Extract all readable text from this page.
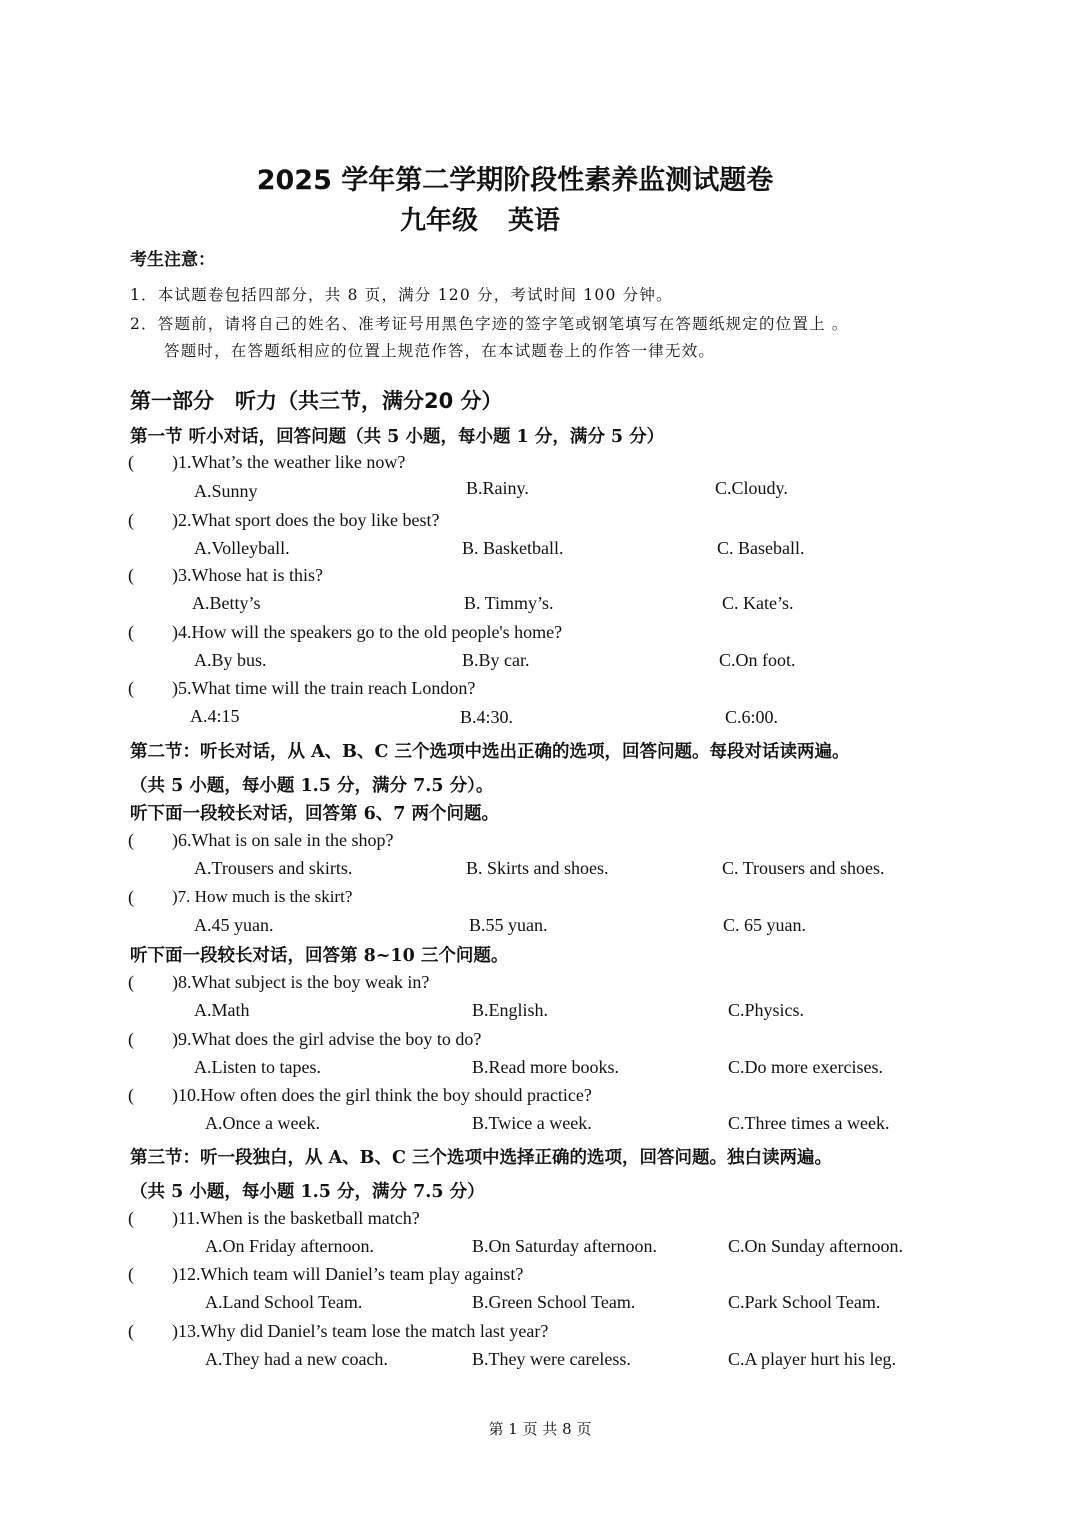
2025 学年第二学期阶段性素养监测试题卷
九年级 英语
考生注意：
1．本试题卷包括四部分，共 8 页，满分 120 分，考试时间 100 分钟。
2．答题前，请将自己的姓名、准考证号用黑色字迹的签字笔或钢笔填写在答题纸规定的位置上 。
答题时，在答题纸相应的位置上规范作答，在本试题卷上的作答一律无效。
第一部分　听力（共三节，满分20 分）
第一节 听小对话，回答问题（共 5 小题，每小题 1 分，满分 5 分）
( )1.What’s the weather like now?
A.Sunny	B.Rainy.	C.Cloudy.
( )2.What sport does the boy like best?
A.Volleyball.	B. Basketball.	C. Baseball.
( )3.Whose hat is this?
A.Betty’s	B. Timmy’s.	C. Kate’s.
( )4.How will the speakers go to the old people's home?
A.By bus.	B.By car.	C.On foot.
( )5.What time will the train reach London?
A.4:15	B.4:30.	C.6:00.
第二节：听长对话，从 A、B、C 三个选项中选出正确的选项，回答问题。每段对话读两遍。
（共 5 小题，每小题 1.5 分，满分 7.5 分）。
听下面一段较长对话，回答第 6、7 两个问题。
( )6.What is on sale in the shop?
A.Trousers and skirts.	B. Skirts and shoes.	C. Trousers and shoes.
( )7. How much is the skirt?
A.45 yuan.	B.55 yuan.	C. 65 yuan.
听下面一段较长对话，回答第 8~10 三个问题。
( )8.What subject is the boy weak in?
A.Math	B.English.	C.Physics.
( )9.What does the girl advise the boy to do?
A.Listen to tapes.	B.Read more books.	C.Do more exercises.
( )10.How often does the girl think the boy should practice?
A.Once a week.	B.Twice a week.	C.Three times a week.
第三节：听一段独白，从 A、B、C 三个选项中选择正确的选项，回答问题。独白读两遍。
（共 5 小题，每小题 1.5 分，满分 7.5 分）
( )11.When is the basketball match?
A.On Friday afternoon.	B.On Saturday afternoon.	C.On Sunday afternoon.
( )12.Which team will Daniel’s team play against?
A.Land School Team.	B.Green School Team.	C.Park School Team.
( )13.Why did Daniel’s team lose the match last year?
A.They had a new coach.	B.They were careless.	C.A player hurt his leg.
第 1 页 共 8 页
